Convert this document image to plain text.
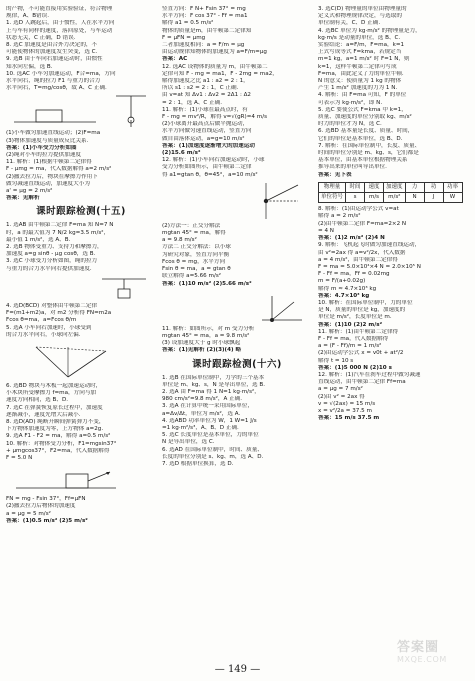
的产物，不可能直接用实验验证，符合物理
规律，A、B错误.
1. 选D 人跳起后，由于惯性，人在水平方向
上与车有同样的速度，落回原处，与车运动
状态无关，C 正确，D 错误.
8. 选C 加速度是由合外力决定的，不
可能使物体的加速度发生突变，选 C.
9. 选B 由于车向右加速运动时，由惯性
知水向左偏，选 B.
10. 选AC 小车匀加速运动，F合=ma，方向
水平向右，绳的拉力 F1 与重力的合力
水平向右，T=mg/cosθ，故 A、C 正确.
(1)小车做匀加速直线运动；(2)F=ma
(3)物体加速度与质量成反比关系.
答案：(1)小车受力分析如图
(2)绳对小车的拉力提供加速度
11. 解析：(1)根据牛顿第二定律得
F - μmg = ma，代入数据解得 a=2 m/s²
(2)撤去拉力后，物块在摩擦力作用下
做匀减速直线运动，加速度大小为
a' = μg = 2 m/s²
答案：见解析
课时跟踪检测(十五)
1. 选AB 由牛顿第二定律 F=ma 知 N=7 N
时，a 的最大值为 7 N/2 kg=3.5 m/s²，
最小值 1 m/s²，选 A、B.
2. 选B 物体受重力、支持力和摩擦力，
加速度 a=g sinθ - μg cosθ，选 B.
3. 选C 小球受力分析如图，绳的拉力
与重力的合力水平向右提供加速度.
4. 选D(BCD) 对整体由牛顿第二定律
F=(m1+m2)a，对 m2 分析得 FN=m2a
Fcos θ=ma，a=Fcos θ/m
5. 选A 小车向右加速时，小球受到
的合力水平向右，小球向左偏.
6. 选BD 物块与木板一起加速运动时，
小木块所受摩擦力 f=ma，方向与加
速度方向相同，选 B、D.
7. 选C 在弹簧恢复原长过程中，加速度
逐渐减小，速度先增大后减小.
8. 选D(AD) 绳断开瞬间弹簧弹力不变，
下方物体加速度为零，上方物体 a=2g.
9. 选A F1 - F2 = ma，解得 a=0.5 m/s²
10. 解析：对物体受力分析，F1=mgsin37°
+ μmgcos37°，F2=ma，代入数据解得
F = 5.0 N
FN = mg - Fsin 37°，Ff=μFN
(2)撤去拉力后物体的加速度
a = μg = 5 m/s²
答案：(1)0.5 m/s² (2)5 m/s²
竖直方向：F N+ Fsin 37° = mg
水平方向：F cos 37° - Ff = ma1
解得 a1 = 0.5 m/s²
物体的质量是m，由牛顿第二定律知
F = μFN = μmg
二者加速度相同：a = F/m = μg
由运动规律知物体的加速度为 a=F/m=μg
答案：AC
12. 选AC 设物体的质量为 m，由牛顿第二
定律可知 F - mg = ma1，F - 2mg = ma2，
解得加速度之比 a1 : a2 = 2 : 1，
所以 s1 : s2 = 2 : 1，C 正确.
由 v=at 知 Δv1 : Δv2 = 2Δ1 : Δ2
= 2 : 1，选 A、C 正确.
11. 解析：(1)小球在最高点时，有
F - mg = mv²/R，解得 v=√(gR)=4 m/s
(2)小球离开最高点后做平抛运动，
水平方向做匀速直线运动，竖直方向
做自由落体运动，a=g=10 m/s²
答案：(1)加速度逐渐增大的加速运动
(2)15.6 m/s²
12. 解析：(1)小车向右加速运动时，小球
受力分析如图所示，由牛顿第二定律
得 a1=gtan θ，θ=45°，a=10 m/s²
(2)方法一：正交分解法
mgtan 45° = ma，解得
a = 9.8 m/s²
方法二 正交分解法：以小球
为研究对象，竖直方向平衡
Fcos θ = mg，水平方向
Fsin θ = ma，a = gtan θ
联立解得 a=5.66 m/s²
答案：(1)10 m/s² (2)5.66 m/s²
11. 解析：如图所示，对 m 受力分析
mgtan 45° = ma，a = 9.8 m/s²
(3) 设加速度大于 g 时小球飘起
答案：(1)见解析 (2)(3)(4) 略
课时跟踪检测(十六)
1. 选B 在国际单位制中，力学的三个基本
单位是 m、kg、s，N 是导出单位，选 B.
2. 选A 由 F=ma 得 1 N=1 kg·m/s²，
980 cm/s²=9.8 m/s²，A 正确.
3. 选A 在计算中统一采用国际单位，
a=Δv/Δt，单位为 m/s²，选 A.
4. 选ABD 功率单位为 W，1 W=1 J/s
=1 kg·m²/s³，A、B、D 正确.
5. 选C 长度单位是基本单位，力的单位
N 是导出单位，选 C.
6. 选AD 在国际单位制中，时间、质量、
长度的单位分别是 s、kg、m，选 A、D.
7. 选D 根据单位换算，选 D.
3. 选C(D) 物理量的单位由物理量的
定义式和物理规律决定，与选取的
单位制有关，C、D 正确.
4. 选BC 单位为 kg·m/s² 的物理量是力，
kg·m/s 是动量的单位，选 B、C.
实验结论：a=F/m，F=ma，k=1
上式写成等式 F=kma，若规定当
m=1 kg，a=1 m/s² 时 F=1 N，则
k=1，这样牛顿第二定律可写成
F=ma，由此定义了力的单位牛顿.
N 的意义：使质量为 1 kg 的物体
产生 1 m/s² 加速度的力为 1 N.
4. 解析：由 F=ma 可知，F 的单位
可表示为 kg·m/s²，即 N.
5. 选C 要使公式 F=kma 中 k=1，
质量、加速度的单位分别取 kg、m/s²
时力的单位才为 N，选 C.
6. 选BD 基本量是长度、质量、时间，
它们的单位是基本单位，选 B、D.
7. 解析：在国际单位制中，长度、质量、
时间的单位分别是 m、kg、s，它们都是
基本单位，由基本单位根据物理关系
推导出来的单位叫导出单位.
答案：见下表
物理量	时间	速度	加速度	力	功	功率
单位符号	s	m/s	m/s²	N	J	W
8. 解析：(1)由运动学公式 v=at
解得 a = 2 m/s²
(2)由牛顿第二定律 F=ma=2×2 N
= 4 N
答案：(1)2 m/s² (2)4 N
9. 解析：飞机起飞时做匀加速直线运动，
由 v²=2ax 得 a=v²/2x，代入数据
a = 4 m/s²，由牛顿第二定律得
F = ma = 5.0×10⁴×4 N = 2.0×10⁵ N
F - Ff = ma，Ff = 0.02mg
m = F/(a+0.02g)
解得 m ≈ 4.7×10³ kg
答案：4.7×10³ kg
10. 解析：在国际单位制中，力的单位
是 N，质量的单位是 kg，加速度的
单位是 m/s²，长度单位是 m.
答案：(1)10 (2)2 m/s²
11. 解析：(1)由牛顿第二定律得
F - Ff = ma，代入数据解得
a = (F - Ff)/m = 1 m/s²
(2)由运动学公式 x = v0t + at²/2
解得 t = 10 s
答案：(1)5 000 N (2)10 s
12. 解析：(1)汽车在刹车过程中做匀减速
直线运动，由牛顿第二定律 Ff=ma
a = μg = 7 m/s²
(2)由 v² = 2ax 得
v = √(2ax) = 15 m/s
x = v²/2a = 37.5 m
答案：15 m/s 37.5 m
— 149 —
答案圈
MXQE.COM
